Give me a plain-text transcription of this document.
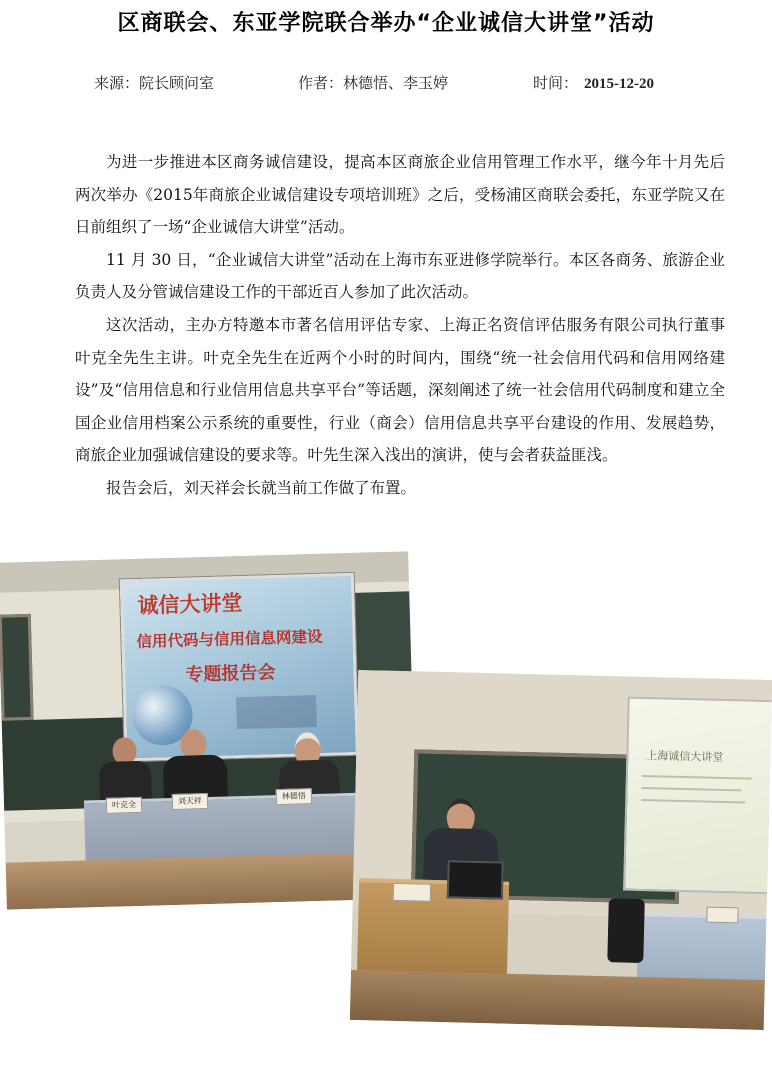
区商联会、东亚学院联合举办“企业诚信大讲堂”活动
来源：院长顾问室	作者：林德悟、李玉婷	时间： 2015-12-20

为进一步推进本区商务诚信建设，提高本区商旅企业信用管理工作水平，继今年十月先后两次举办《2015年商旅企业诚信建设专项培训班》之后，受杨浦区商联会委托，东亚学院又在日前组织了一场“企业诚信大讲堂”活动。

11 月 30 日，“企业诚信大讲堂”活动在上海市东亚进修学院举行。本区各商务、旅游企业负责人及分管诚信建设工作的干部近百人参加了此次活动。

这次活动，主办方特邀本市著名信用评估专家、上海正名资信评估服务有限公司执行董事叶克全先生主讲。叶克全先生在近两个小时的时间内，围绕“统一社会信用代码和信用网络建设”及“信用信息和行业信用信息共享平台”等话题，深刻阐述了统一社会信用代码制度和建立全国企业信用档案公示系统的重要性，行业（商会）信用信息共享平台建设的作用、发展趋势，商旅企业加强诚信建设的要求等。叶先生深入浅出的演讲，使与会者获益匪浅。

报告会后，刘天祥会长就当前工作做了布置。

诚信大讲堂
信用代码与信用信息网建设
专题报告会
叶克全	刘天祥
林德悟
上海诚信大讲堂
